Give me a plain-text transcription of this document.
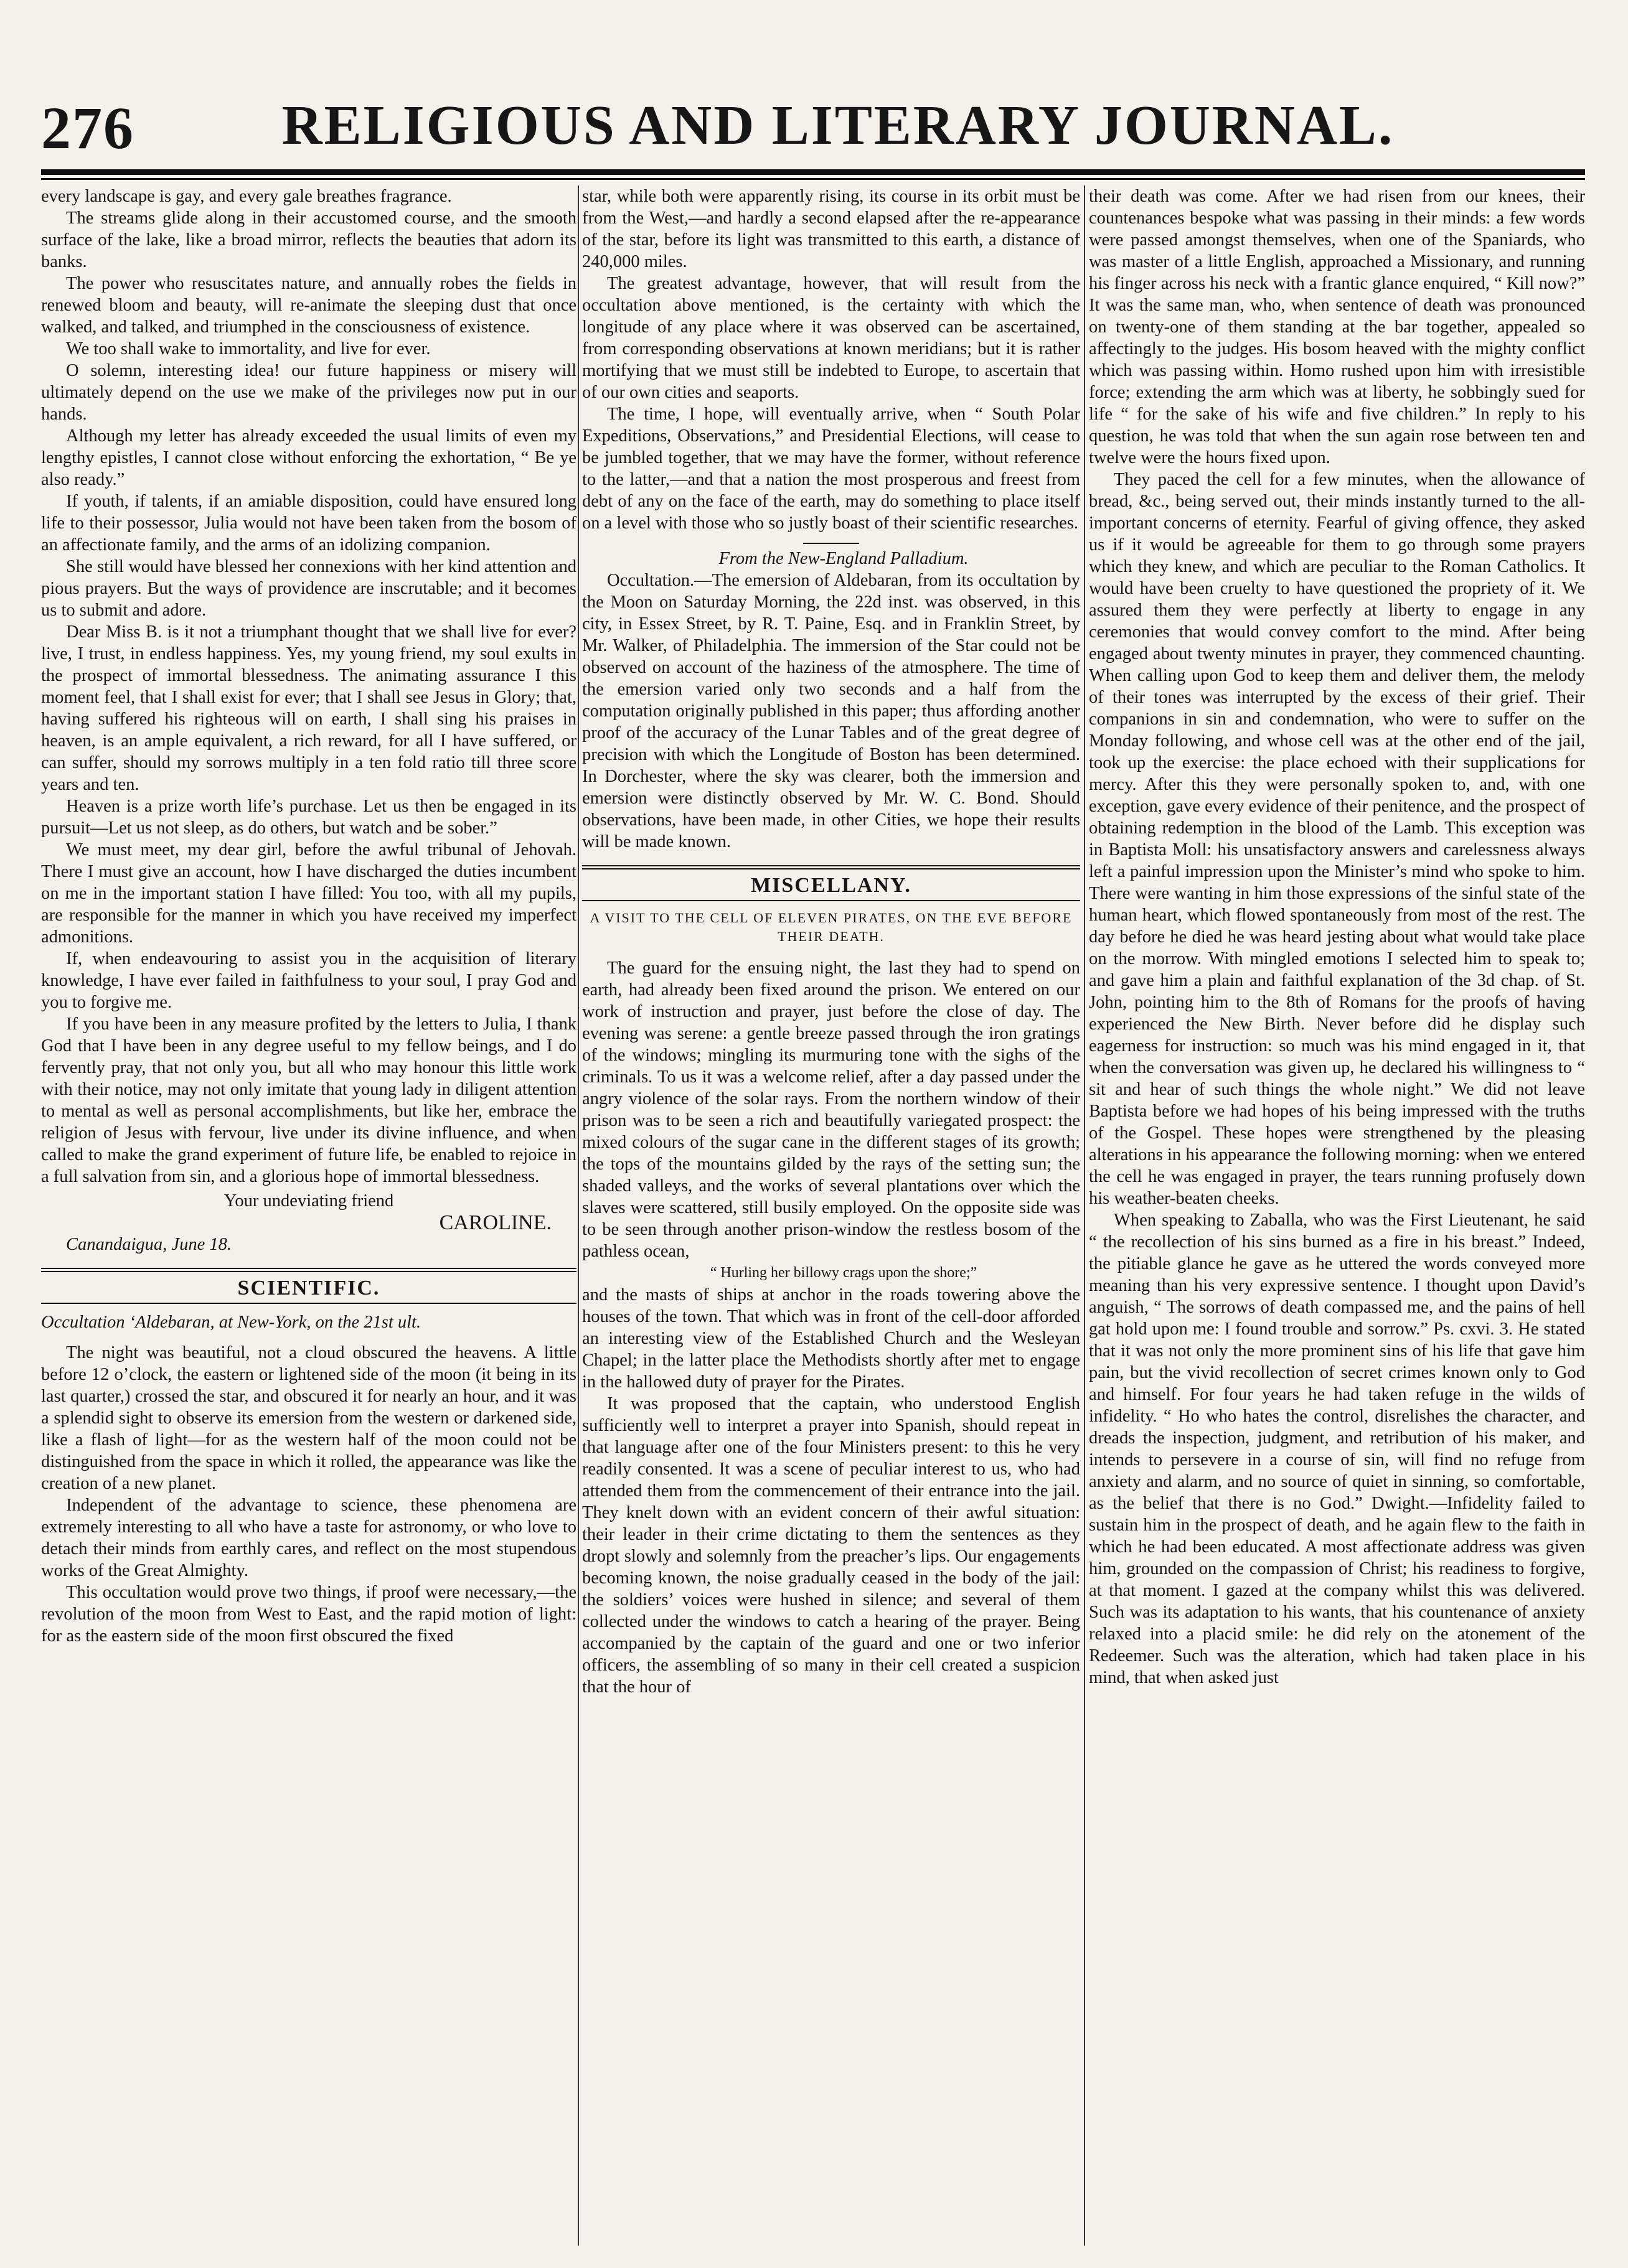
276	RELIGIOUS AND LITERARY JOURNAL.

every landscape is gay, and every gale breathes fragrance.

The streams glide along in their accustomed course, and the smooth surface of the lake, like a broad mirror, reflects the beauties that adorn its banks.

The power who resuscitates nature, and annually robes the fields in renewed bloom and beauty, will re-animate the sleeping dust that once walked, and talked, and triumphed in the consciousness of existence.

We too shall wake to immortality, and live for ever.

O solemn, interesting idea! our future happiness or misery will ultimately depend on the use we make of the privileges now put in our hands.

Although my letter has already exceeded the usual limits of even my lengthy epistles, I cannot close without enforcing the exhortation, “ Be ye also ready.”

If youth, if talents, if an amiable disposition, could have ensured long life to their possessor, Julia would not have been taken from the bosom of an affectionate family, and the arms of an idolizing companion.

She still would have blessed her connexions with her kind attention and pious prayers. But the ways of providence are inscrutable; and it becomes us to submit and adore.

Dear Miss B. is it not a triumphant thought that we shall live for ever? live, I trust, in endless happiness. Yes, my young friend, my soul exults in the prospect of immortal blessedness. The animating assurance I this moment feel, that I shall exist for ever; that I shall see Jesus in Glory; that, having suffered his righteous will on earth, I shall sing his praises in heaven, is an ample equivalent, a rich reward, for all I have suffered, or can suffer, should my sorrows multiply in a ten fold ratio till three score years and ten.

Heaven is a prize worth life’s purchase. Let us then be engaged in its pursuit—Let us not sleep, as do others, but watch and be sober.”

We must meet, my dear girl, before the awful tribunal of Jehovah. There I must give an account, how I have discharged the duties incumbent on me in the important station I have filled: You too, with all my pupils, are responsible for the manner in which you have received my imperfect admonitions.

If, when endeavouring to assist you in the acquisition of literary knowledge, I have ever failed in faithfulness to your soul, I pray God and you to forgive me.

If you have been in any measure profited by the letters to Julia, I thank God that I have been in any degree useful to my fellow beings, and I do fervently pray, that not only you, but all who may honour this little work with their notice, may not only imitate that young lady in diligent attention to mental as well as personal accomplishments, but like her, embrace the religion of Jesus with fervour, live under its divine influence, and when called to make the grand experiment of future life, be enabled to rejoice in a full salvation from sin, and a glorious hope of immortal blessedness.

Your undeviating friend

CAROLINE.

Canandaigua, June 18.

SCIENTIFIC.

Occultation ‘Aldebaran, at New-York, on the 21st ult.

The night was beautiful, not a cloud obscured the heavens. A little before 12 o’clock, the eastern or lightened side of the moon (it being in its last quarter,) crossed the star, and obscured it for nearly an hour, and it was a splendid sight to observe its emersion from the western or darkened side, like a flash of light—for as the western half of the moon could not be distinguished from the space in which it rolled, the appearance was like the creation of a new planet.

Independent of the advantage to science, these phenomena are extremely interesting to all who have a taste for astronomy, or who love to detach their minds from earthly cares, and reflect on the most stupendous works of the Great Almighty.

This occultation would prove two things, if proof were necessary,—the revolution of the moon from West to East, and the rapid motion of light: for as the eastern side of the moon first obscured the fixed

star, while both were apparently rising, its course in its orbit must be from the West,—and hardly a second elapsed after the re-appearance of the star, before its light was transmitted to this earth, a distance of 240,000 miles.

The greatest advantage, however, that will result from the occultation above mentioned, is the certainty with which the longitude of any place where it was observed can be ascertained, from corresponding observations at known meridians; but it is rather mortifying that we must still be indebted to Europe, to ascertain that of our own cities and seaports.

The time, I hope, will eventually arrive, when “ South Polar Expeditions, Observations,” and Presidential Elections, will cease to be jumbled together, that we may have the former, without reference to the latter,—and that a nation the most prosperous and freest from debt of any on the face of the earth, may do something to place itself on a level with those who so justly boast of their scientific researches.

From the New-England Palladium.

Occultation.—The emersion of Aldebaran, from its occultation by the Moon on Saturday Morning, the 22d inst. was observed, in this city, in Essex Street, by R. T. Paine, Esq. and in Franklin Street, by Mr. Walker, of Philadelphia. The immersion of the Star could not be observed on account of the haziness of the atmosphere. The time of the emersion varied only two seconds and a half from the computation originally published in this paper; thus affording another proof of the accuracy of the Lunar Tables and of the great degree of precision with which the Longitude of Boston has been determined. In Dorchester, where the sky was clearer, both the immersion and emersion were distinctly observed by Mr. W. C. Bond. Should observations, have been made, in other Cities, we hope their results will be made known.

MISCELLANY.
A VISIT TO THE CELL OF ELEVEN PIRATES, ON THE EVE BEFORE THEIR DEATH.

The guard for the ensuing night, the last they had to spend on earth, had already been fixed around the prison. We entered on our work of instruction and prayer, just before the close of day. The evening was serene: a gentle breeze passed through the iron gratings of the windows; mingling its murmuring tone with the sighs of the criminals. To us it was a welcome relief, after a day passed under the angry violence of the solar rays. From the northern window of their prison was to be seen a rich and beautifully variegated prospect: the mixed colours of the sugar cane in the different stages of its growth; the tops of the mountains gilded by the rays of the setting sun; the shaded valleys, and the works of several plantations over which the slaves were scattered, still busily employed. On the opposite side was to be seen through another prison-window the restless bosom of the pathless ocean,

“ Hurling her billowy crags upon the shore;”

and the masts of ships at anchor in the roads towering above the houses of the town. That which was in front of the cell-door afforded an interesting view of the Established Church and the Wesleyan Chapel; in the latter place the Methodists shortly after met to engage in the hallowed duty of prayer for the Pirates.

It was proposed that the captain, who understood English sufficiently well to interpret a prayer into Spanish, should repeat in that language after one of the four Ministers present: to this he very readily consented. It was a scene of peculiar interest to us, who had attended them from the commencement of their entrance into the jail. They knelt down with an evident concern of their awful situation: their leader in their crime dictating to them the sentences as they dropt slowly and solemnly from the preacher’s lips. Our engagements becoming known, the noise gradually ceased in the body of the jail: the soldiers’ voices were hushed in silence; and several of them collected under the windows to catch a hearing of the prayer. Being accompanied by the captain of the guard and one or two inferior officers, the assembling of so many in their cell created a suspicion that the hour of

their death was come. After we had risen from our knees, their countenances bespoke what was passing in their minds: a few words were passed amongst themselves, when one of the Spaniards, who was master of a little English, approached a Missionary, and running his finger across his neck with a frantic glance enquired, “ Kill now?” It was the same man, who, when sentence of death was pronounced on twenty-one of them standing at the bar together, appealed so affectingly to the judges. His bosom heaved with the mighty conflict which was passing within. Homo rushed upon him with irresistible force; extending the arm which was at liberty, he sobbingly sued for life “ for the sake of his wife and five children.” In reply to his question, he was told that when the sun again rose between ten and twelve were the hours fixed upon.

They paced the cell for a few minutes, when the allowance of bread, &c., being served out, their minds instantly turned to the all-important concerns of eternity. Fearful of giving offence, they asked us if it would be agreeable for them to go through some prayers which they knew, and which are peculiar to the Roman Catholics. It would have been cruelty to have questioned the propriety of it. We assured them they were perfectly at liberty to engage in any ceremonies that would convey comfort to the mind. After being engaged about twenty minutes in prayer, they commenced chaunting. When calling upon God to keep them and deliver them, the melody of their tones was interrupted by the excess of their grief. Their companions in sin and condemnation, who were to suffer on the Monday following, and whose cell was at the other end of the jail, took up the exercise: the place echoed with their supplications for mercy. After this they were personally spoken to, and, with one exception, gave every evidence of their penitence, and the prospect of obtaining redemption in the blood of the Lamb. This exception was in Baptista Moll: his unsatisfactory answers and carelessness always left a painful impression upon the Minister’s mind who spoke to him. There were wanting in him those expressions of the sinful state of the human heart, which flowed spontaneously from most of the rest. The day before he died he was heard jesting about what would take place on the morrow. With mingled emotions I selected him to speak to; and gave him a plain and faithful explanation of the 3d chap. of St. John, pointing him to the 8th of Romans for the proofs of having experienced the New Birth. Never before did he display such eagerness for instruction: so much was his mind engaged in it, that when the conversation was given up, he declared his willingness to “ sit and hear of such things the whole night.” We did not leave Baptista before we had hopes of his being impressed with the truths of the Gospel. These hopes were strengthened by the pleasing alterations in his appearance the following morning: when we entered the cell he was engaged in prayer, the tears running profusely down his weather-beaten cheeks.

When speaking to Zaballa, who was the First Lieutenant, he said “ the recollection of his sins burned as a fire in his breast.” Indeed, the pitiable glance he gave as he uttered the words conveyed more meaning than his very expressive sentence. I thought upon David’s anguish, “ The sorrows of death compassed me, and the pains of hell gat hold upon me: I found trouble and sorrow.” Ps. cxvi. 3. He stated that it was not only the more prominent sins of his life that gave him pain, but the vivid recollection of secret crimes known only to God and himself. For four years he had taken refuge in the wilds of infidelity. “ Ho who hates the control, disrelishes the character, and dreads the inspection, judgment, and retribution of his maker, and intends to persevere in a course of sin, will find no refuge from anxiety and alarm, and no source of quiet in sinning, so comfortable, as the belief that there is no God.” Dwight.—Infidelity failed to sustain him in the prospect of death, and he again flew to the faith in which he had been educated. A most affectionate address was given him, grounded on the compassion of Christ; his readiness to forgive, at that moment. I gazed at the company whilst this was delivered. Such was its adaptation to his wants, that his countenance of anxiety relaxed into a placid smile: he did rely on the atonement of the Redeemer. Such was the alteration, which had taken place in his mind, that when asked just
